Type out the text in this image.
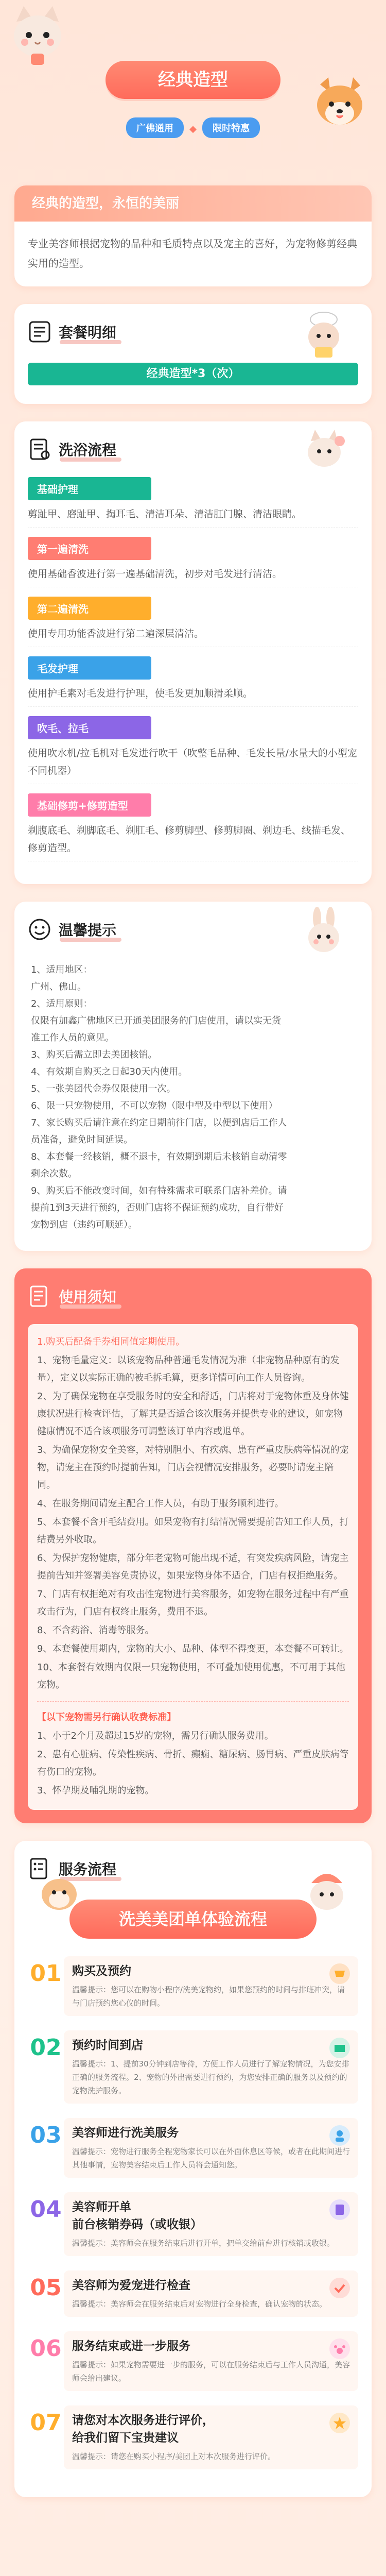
经典造型
广佛通用 ◆ 限时特惠
经典的造型，永恒的美丽
专业美容师根据宠物的品种和毛质特点以及宠主的喜好，为宠物修剪经典实用的造型。
套餐明细
经典造型*3（次）
洗浴流程
基础护理
剪趾甲、磨趾甲、掏耳毛、清洁耳朵、清洁肛门腺、清洁眼睛。
第一遍清洗
使用基础香波进行第一遍基础清洗，初步对毛发进行清洁。
第二遍清洗
使用专用功能香波进行第二遍深层清洁。
毛发护理
使用护毛素对毛发进行护理，使毛发更加顺滑柔顺。
吹毛、拉毛
使用吹水机/拉毛机对毛发进行吹干（吹整毛品种、毛发长量/水量大的小型宠不同机器）
基础修剪+修剪造型
剃腹底毛、剃脚底毛、剃肛毛、修剪脚型、修剪脚圈、剃边毛、线描毛发、修剪造型。
温馨提示
1、适用地区：
广州、佛山。
2、适用原则：
仅限有加鑫广佛地区已开通美团服务的门店使用，请以实无货
准工作人员的意见。
3、购买后需立即去美团核销。
4、有效期自购买之日起30天内使用。
5、一张美团代金券仅限使用一次。
6、限一只宠物使用，不可以宠物（限中型及中型以下使用）
7、家长购买后请注意在约定日期前往门店，以便到店后工作人
员准备，避免时间延误。
8、本套餐一经核销，概不退卡，有效期到期后未核销自动清零
剩余次数。
9、购买后不能改变时间，如有特殊需求可联系门店补差价。请
提前1到3天进行预约，否则门店将不保证预约成功，自行带好
宠物到店（违约可顺延）。
使用须知
1.购买后配备手券相同值定期使用。
1、宠物毛量定义：以该宠物品种普通毛发情况为准（非宠物品种原有的发量），定义以实际正确的被毛拆毛算，更多详情可向工作人员咨询。
2、为了确保宠物在享受服务时的安全和舒适，门店将对于宠物体重及身体健康状况进行检查评估，了解其是否适合该次服务并提供专业的建议，如宠物健康情况不适合该项服务可调整该订单内容或退单。
3、为确保宠物安全美容，对特别胆小、有疾病、患有严重皮肤病等情况的宠物，请宠主在预约时提前告知，门店会视情况安排服务，必要时请宠主陪同。
4、在服务期间请宠主配合工作人员，有助于服务顺利进行。
5、本套餐不含开毛结费用。如果宠物有打结情况需要提前告知工作人员，打结费另外收取。
6、为保护宠物健康，部分年老宠物可能出现不适，有突发疾病风险，请宠主提前告知并签署美容免责协议，如果宠物身体不适合，门店有权拒绝服务。
7、门店有权拒绝对有攻击性宠物进行美容服务，如宠物在服务过程中有严重攻击行为，门店有权终止服务，费用不退。
8、不含药浴、消毒等服务。
9、本套餐使用期内，宠物的大小、品种、体型不得变更，本套餐不可转让。
10、本套餐有效期内仅限一只宠物使用，不可叠加使用优惠，不可用于其他宠物。
【以下宠物需另行确认收费标准】
1、小于2个月及超过15岁的宠物，需另行确认服务费用。
2、患有心脏病、传染性疾病、骨折、癫痫、糖尿病、肠胃病、严重皮肤病等有伤口的宠物。
3、怀孕期及哺乳期的宠物。
服务流程
洗美美团单体验流程
01 购买及预约
温馨提示：您可以在购物小程序/洗美宠物约，如果您预约的时间与排班冲突，请与门店预约您心仪的时间。
02 预约时间到店
温馨提示：1、提前30分钟到店等待，方便工作人员进行了解宠物情况，为您安排正确的服务流程。2、宠物的外出需要进行预约，为您安排正确的服务以及预约的宠物洗护服务。
03 美容师进行洗美服务
温馨提示：宠物进行服务全程宠物家长可以在外面休息区等候，或者在此期间进行其他事情，宠物美容结束后工作人员将会通知您。
04 美容师开单
前台核销券码（或收银）
温馨提示：美容师会在服务结束后进行开单，把单交给前台进行核销或收银。
05 美容师为爱宠进行检查
温馨提示：美容师会在服务结束后对宠物进行全身检查，确认宠物的状态。
06 服务结束或进一步服务
温馨提示：如果宠物需要进一步的服务，可以在服务结束后与工作人员沟通，美容师会给出建议。
07 请您对本次服务进行评价，
给我们留下宝贵建议
温馨提示：请您在购买小程序/美团上对本次服务进行评价。
